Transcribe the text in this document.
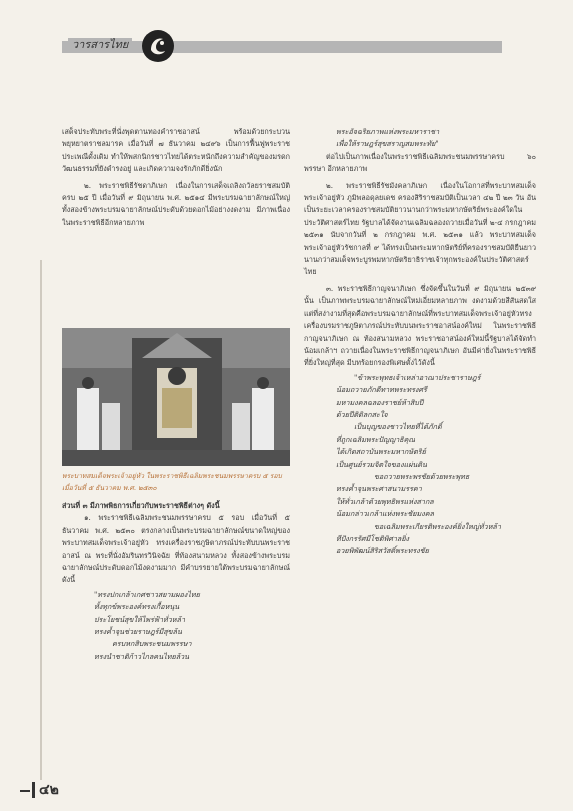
วารสารไทย

เสด็จประทับพระที่นั่งพุดตานทองคำราชอาสน์ พร้อมด้วยกระบวนพยุหยาตราชลมารค เมื่อวันที่ ๗ ธันวาคม ๒๔๙๖ เป็นการฟื้นฟูพระราชประเพณีดั้งเดิม ทำให้พสกนิกรชาวไทยได้ตระหนักถึงความสำคัญของมรดกวัฒนธรรมที่ยังดำรงอยู่ และเกิดความจงรักภักดียิ่งนัก

๒. พระราชพิธีรัชดาภิเษก เนื่องในการเสด็จเถลิงถวัลยราชสมบัติครบ ๒๕ ปี เมื่อวันที่ ๙ มิถุนายน พ.ศ. ๒๕๑๔ มีพระบรมฉายาลักษณ์ใหญ่ ทั้งสองข้างพระบรมฉายาลักษณ์ประดับด้วยดอกไม้อย่างงดงาม มีภาพเนื่องในพระราชพิธีอีกหลายภาพ

พระบาทสมเด็จพระเจ้าอยู่หัว ในพระราชพิธีเฉลิมพระชนมพรรษาครบ ๕ รอบ เมื่อวันที่ ๕ ธันวาคม พ.ศ. ๒๕๓๐

ส่วนที่ ๓ มีภาพพิธการเกี่ยวกับพระราชพิธีต่างๆ ดังนี้

๑. พระราชพิธีเฉลิมพระชนมพรรษาครบ ๕ รอบ เมื่อวันที่ ๕ ธันวาคม พ.ศ. ๒๕๓๐ ตรงกลางเป็นพระบรมฉายาลักษณ์ขนาดใหญ่ของพระบาทสมเด็จพระเจ้าอยู่หัว ทรงเครื่องราชภูษิตาภรณ์ประทับบนพระราชอาสน์ ณ พระที่นั่งอัมรินทรวินิจฉัย ที่ท้องสนามหลวง ทั้งสองข้างพระบรมฉายาลักษณ์ประดับดอกไม้งดงามมาก มีคำบรรยายใต้พระบรมฉายาลักษณ์ ดังนี้

"ทรงปกเกล้าเกศชาวสยามผองไทย

ทั้งทุกข์พระองค์ทรงเกื้อหนุน

ประโยชน์สุขให้ไพร่ฟ้าทั่วหล้า

ทรงค้ำจุนช่วยราษฎร์มีสุขล้น

ครบหกสิบพระชนมพรรษา

ทรงนำชาติก้าวไกลคนไทยล้วน

พระอัจฉริยภาพแห่งพระมหาราชา

เพื่อให้ราษฎร์สุขสราญสมพระทัย"

ต่อไปเป็นภาพเนื่องในพระราชพิธีเฉลิมพระชนมพรรษาครบ ๖๐ พรรษา อีกหลายภาพ

๒. พระราชพิธีรัชมังคลาภิเษก เนื่องในโอกาสที่พระบาทสมเด็จพระเจ้าอยู่หัว ภูมิพลอดุลยเดช ครองสิริราชสมบัติเป็นเวลา ๔๒ ปี ๒๓ วัน อันเป็นระยะเวลาครองราชสมบัติยาวนานกว่าพระมหากษัตริย์พระองค์ใดในประวัติศาสตร์ไทย รัฐบาลได้จัดงานเฉลิมฉลองถวายเมื่อวันที่ ๒-๔ กรกฎาคม ๒๕๓๑ นับจากวันที่ ๒ กรกฎาคม พ.ศ. ๒๕๓๑ แล้ว พระบาทสมเด็จพระเจ้าอยู่หัวรัชกาลที่ ๙ ได้ทรงเป็นพระมหากษัตริย์ที่ครองราชสมบัติยืนยาวนานกว่าสมเด็จพระบูรพมหากษัตริยาธิราชเจ้าทุกพระองค์ในประวัติศาสตร์ไทย

๓. พระราชพิธีกาญจนาภิเษก ซึ่งจัดขึ้นในวันที่ ๙ มิถุนายน ๒๕๓๙ นั้น เป็นภาพพระบรมฉายาลักษณ์ใหม่เอี่ยมหลายภาพ งดงามด้วยสีสันสดใส แต่ที่สง่างามที่สุดคือพระบรมฉายาลักษณ์ที่พระบาทสมเด็จพระเจ้าอยู่หัวทรงเครื่องบรมราชภูษิตาภรณ์ประทับบนพระราชอาสน์องค์ใหม่ ในพระราชพิธีกาญจนาภิเษก ณ ท้องสนามหลวง พระราชอาสน์องค์ใหม่นี้รัฐบาลได้จัดทำน้อมเกล้าฯ ถวายเนื่องในพระราชพิธีกาญจนาภิเษก อันมีค่ายิ่งในพระราชพิธีที่ยิ่งใหญ่ที่สุด มีบทร้อยกรองพิเศษตั้งไว้ดังนี้

"ข้าพระพุทธเจ้าเหล่าอาณาประชาราษฎร์

น้อมถวายภักดีทาทพระทรงศรี

มหามงคลฉลองราชย์ห้าสิบปี

ด้วยปีติดิลกสะใจ

เป็นบุญของชาวไทยที่ได้ภักดิ์

ที่ถูกเฉลิมพระปัญญาธิคุณ

ได้เกิดสถาบันพระมหากษัตริย์

เป็นศูนย์รวมจิตใจของแผ่นดิน

ขอถวายพระพรชัยด้วยพระพุทธ

ทรงค้ำจุนพระศาสนามรรคา

ให้ทั่วเกล้าด้วยพุทธิพรแห่งสากล

น้อมกล่าวเกล้าแห่งพระชัยมงคล

ขอเฉลิมพระเกียรติพระองค์ยิ่งใหญ่ทั่วหล้า

ทีปังกรรัศมีโชติพิศาลยิ่ง

อวยพิพัฒน์สิริสวัสดิ์พระทรงชัย

๔๒
